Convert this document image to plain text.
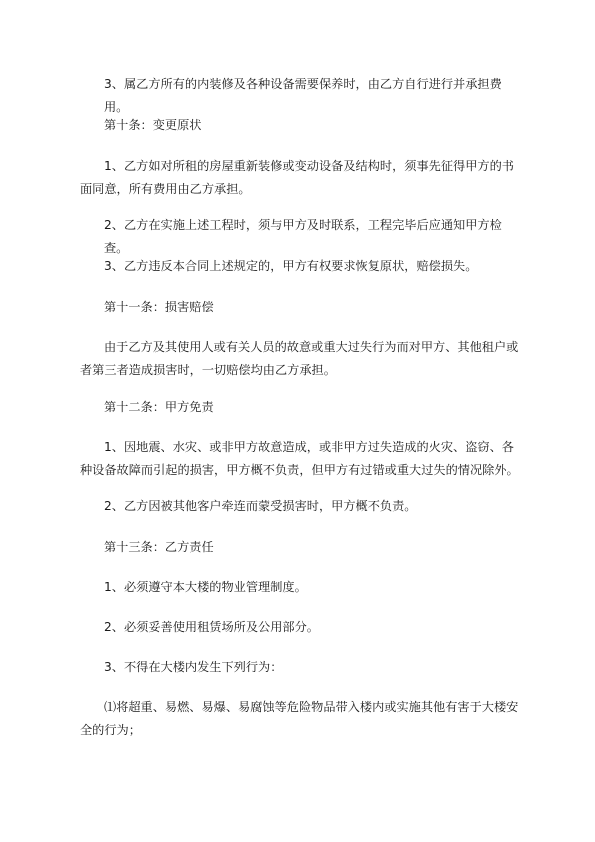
3、属乙方所有的内装修及各种设备需要保养时，由乙方自行进行并承担费用。

第十条：变更原状

1、乙方如对所租的房屋重新装修或变动设备及结构时，须事先征得甲方的书面同意，所有费用由乙方承担。

2、乙方在实施上述工程时，须与甲方及时联系，工程完毕后应通知甲方检查。

3、乙方违反本合同上述规定的，甲方有权要求恢复原状，赔偿损失。

第十一条：损害赔偿

由于乙方及其使用人或有关人员的故意或重大过失行为而对甲方、其他租户或者第三者造成损害时，一切赔偿均由乙方承担。

第十二条：甲方免责

1、因地震、水灾、或非甲方故意造成，或非甲方过失造成的火灾、盗窃、各种设备故障而引起的损害，甲方概不负责，但甲方有过错或重大过失的情况除外。

2、乙方因被其他客户牵连而蒙受损害时，甲方概不负责。

第十三条：乙方责任

1、必须遵守本大楼的物业管理制度。

2、必须妥善使用租赁场所及公用部分。

3、不得在大楼内发生下列行为：

⑴将超重、易燃、易爆、易腐蚀等危险物品带入楼内或实施其他有害于大楼安全的行为；
